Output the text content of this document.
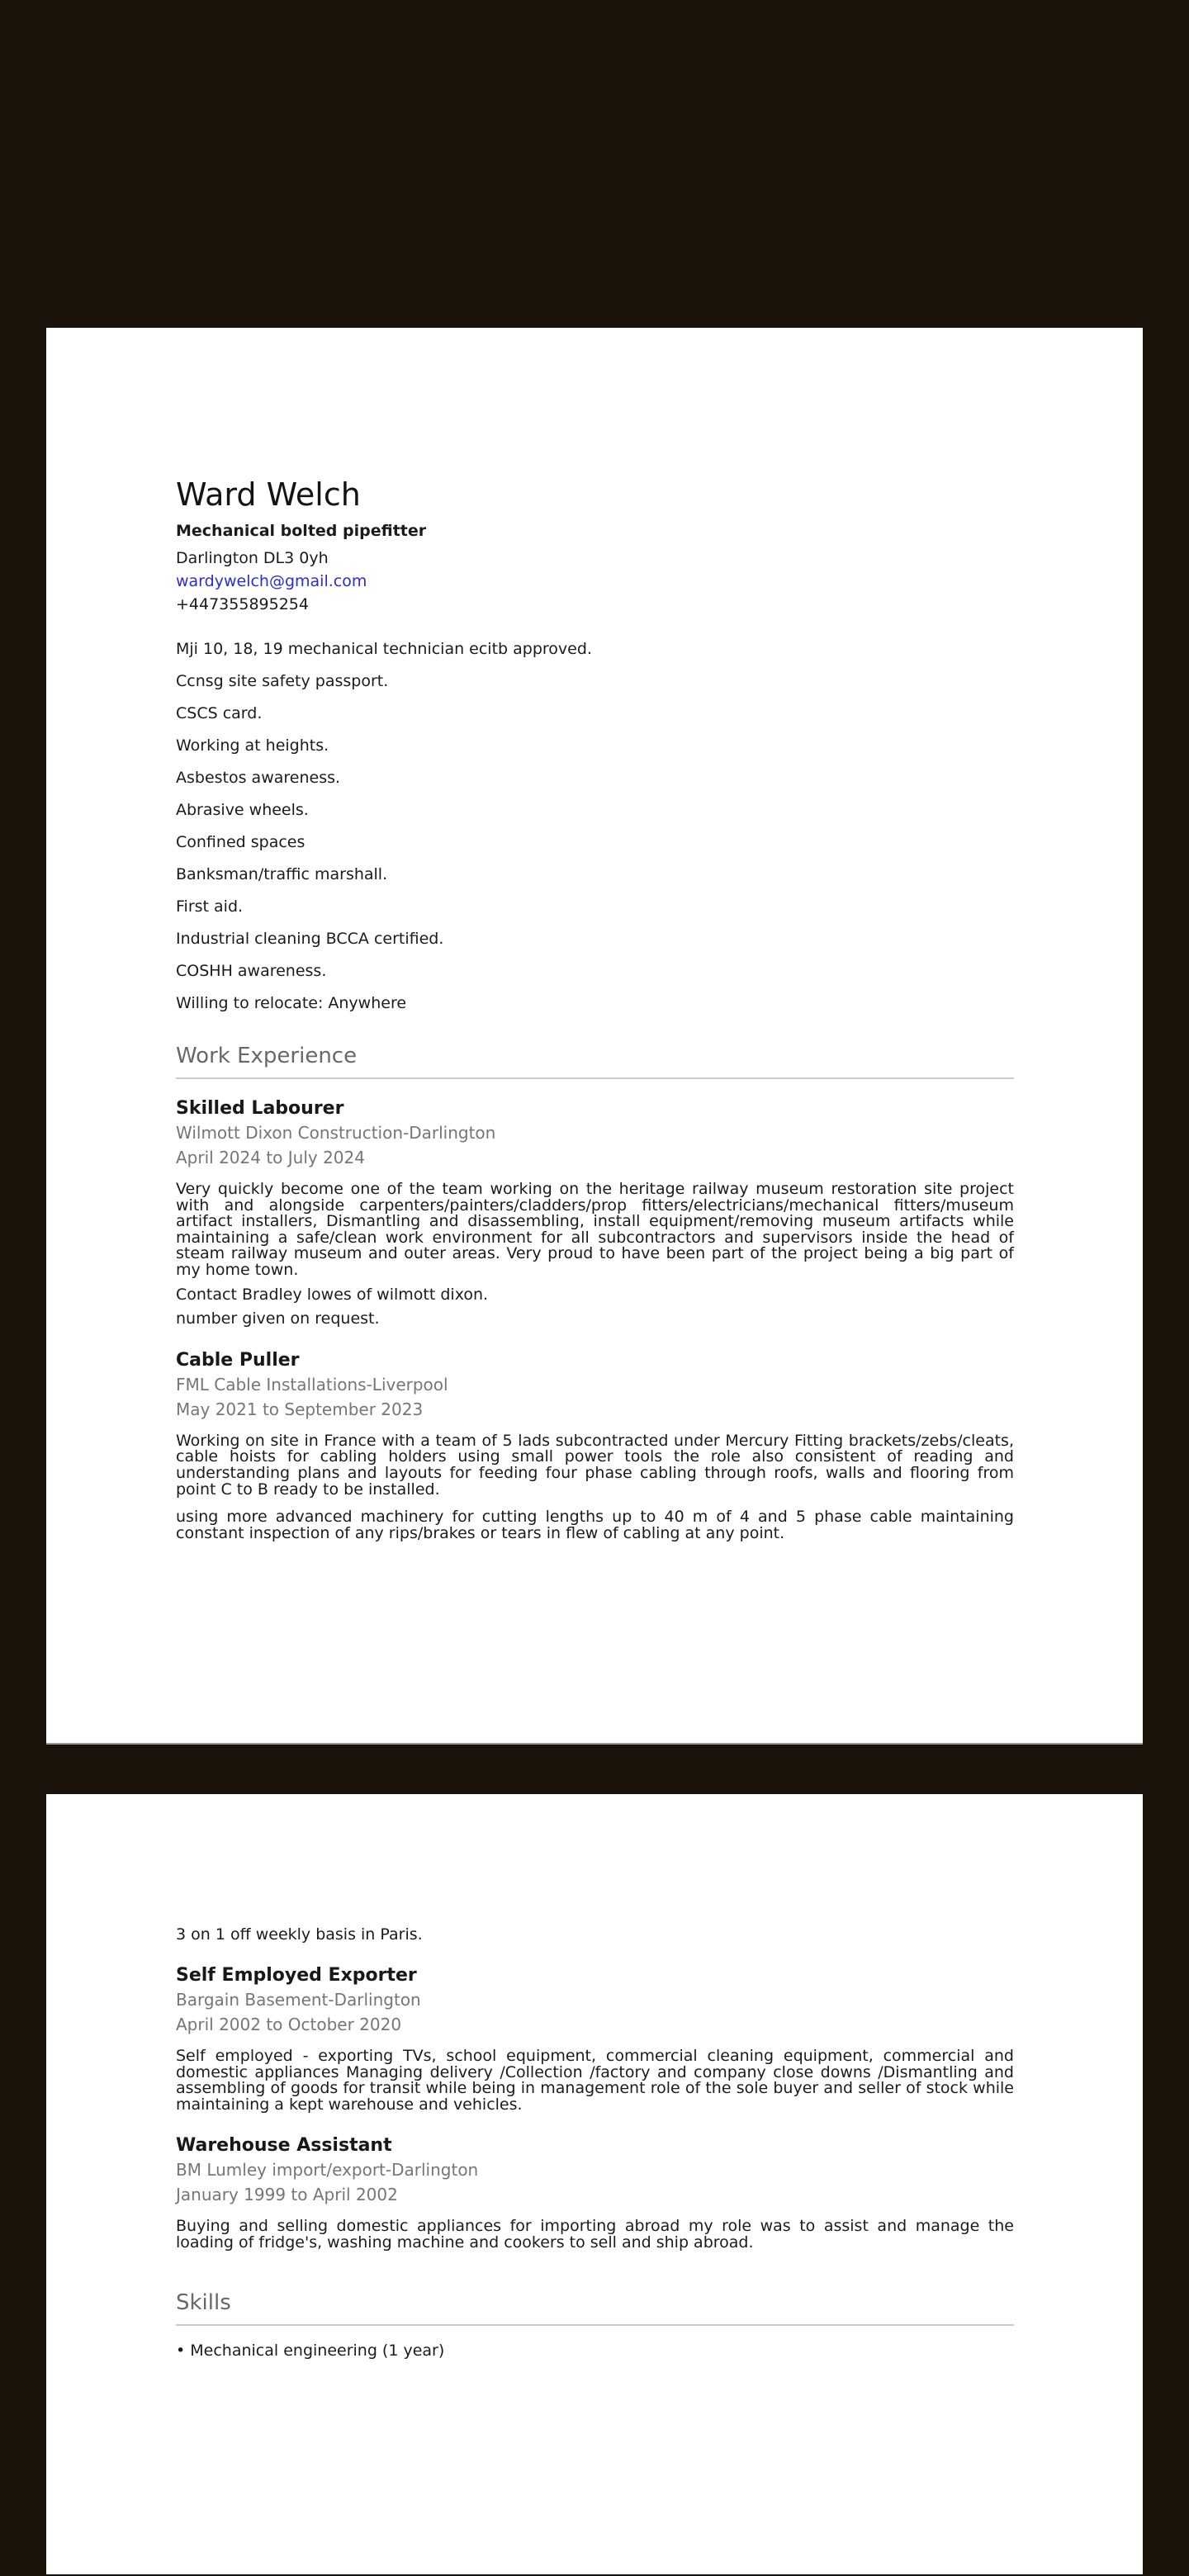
Ward Welch

Mechanical bolted pipefitter

Darlington DL3 0yh

wardywelch@gmail.com

+447355895254

Mji 10, 18, 19 mechanical technician ecitb approved.

Ccnsg site safety passport.

CSCS card.

Working at heights.

Asbestos awareness.

Abrasive wheels.

Confined spaces

Banksman/traffic marshall.

First aid.

Industrial cleaning BCCA certified.

COSHH awareness.

Willing to relocate: Anywhere

Work Experience
Skilled Labourer

Wilmott Dixon Construction-Darlington

April 2024 to July 2024

Very quickly become one of the team working on the heritage railway museum restoration site project with and alongside carpenters/painters/cladders/prop fitters/electricians/mechanical fitters/museum artifact installers, Dismantling and disassembling, install equipment/removing museum artifacts while maintaining a safe/clean work environment for all subcontractors and supervisors inside the head of steam railway museum and outer areas. Very proud to have been part of the project being a big part of my home town.

Contact Bradley lowes of wilmott dixon.

number given on request.

Cable Puller

FML Cable Installations-Liverpool

May 2021 to September 2023

Working on site in France with a team of 5 lads subcontracted under Mercury Fitting brackets/zebs/cleats, cable hoists for cabling holders using small power tools the role also consistent of reading and understanding plans and layouts for feeding four phase cabling through roofs, walls and flooring from point C to B ready to be installed.

using more advanced machinery for cutting lengths up to 40 m of 4 and 5 phase cable maintaining constant inspection of any rips/brakes or tears in flew of cabling at any point.

3 on 1 off weekly basis in Paris.

Self Employed Exporter

Bargain Basement-Darlington

April 2002 to October 2020

Self employed - exporting TVs, school equipment, commercial cleaning equipment, commercial and domestic appliances Managing delivery /Collection /factory and company close downs /Dismantling and assembling of goods for transit while being in management role of the sole buyer and seller of stock while maintaining a kept warehouse and vehicles.

Warehouse Assistant

BM Lumley import/export-Darlington

January 1999 to April 2002

Buying and selling domestic appliances for importing abroad my role was to assist and manage the loading of fridge's, washing machine and cookers to sell and ship abroad.

Skills

• Mechanical engineering (1 year)
